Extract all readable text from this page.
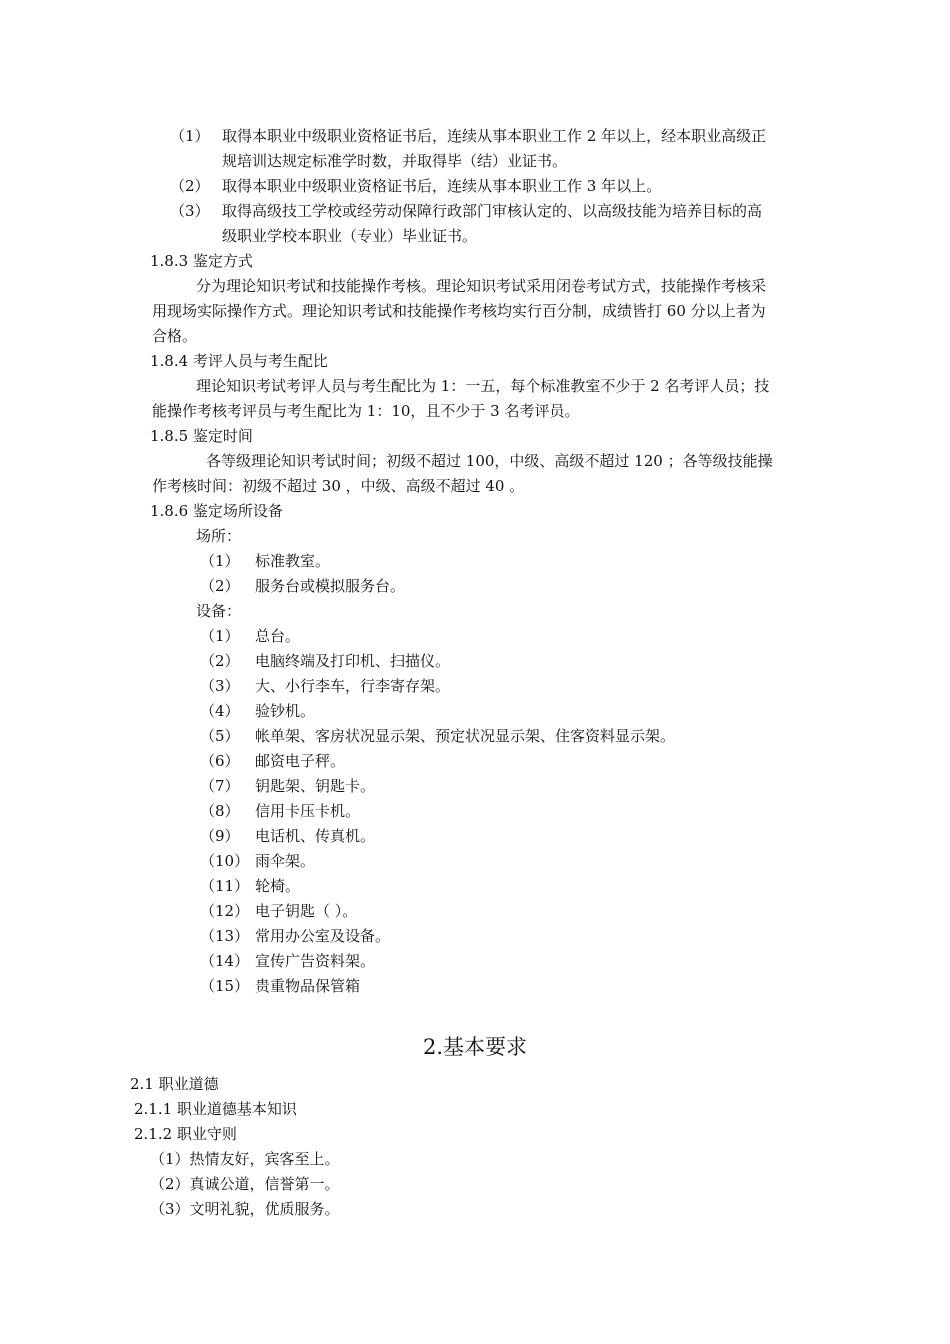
（1） 取得本职业中级职业资格证书后，连续从事本职业工作 2 年以上，经本职业高级正
规培训达规定标准学时数，并取得毕（结）业证书。
（2） 取得本职业中级职业资格证书后，连续从事本职业工作 3 年以上。
（3） 取得高级技工学校或经劳动保障行政部门审核认定的、以高级技能为培养目标的高
级职业学校本职业（专业）毕业证书。
1.8.3 鉴定方式
分为理论知识考试和技能操作考核。理论知识考试采用闭卷考试方式，技能操作考核采
用现场实际操作方式。理论知识考试和技能操作考核均实行百分制，成绩皆打 60 分以上者为
合格。
1.8.4 考评人员与考生配比
理论知识考试考评人员与考生配比为 1：一五，每个标准教室不少于 2 名考评人员；技
能操作考核考评员与考生配比为 1：10，且不少于 3 名考评员。
1.8.5 鉴定时间
各等级理论知识考试时间；初级不超过 100，中级、高级不超过 120 ；各等级技能操
作考核时间：初级不超过 30 ，中级、高级不超过 40 。
1.8.6 鉴定场所设备
场所：
（1） 标准教室。
（2） 服务台或模拟服务台。
设备：
（1） 总台。
（2） 电脑终端及打印机、扫描仪。
（3） 大、小行李车，行李寄存架。
（4） 验钞机。
（5） 帐单架、客房状况显示架、预定状况显示架、住客资料显示架。
（6） 邮资电子秤。
（7） 钥匙架、钥匙卡。
（8） 信用卡压卡机。
（9） 电话机、传真机。
（10） 雨伞架。
（11） 轮椅。
（12） 电子钥匙（ ）。
（13） 常用办公室及设备。
（14） 宣传广告资料架。
（15） 贵重物品保管箱
2.基本要求
2.1 职业道德
2.1.1 职业道德基本知识
2.1.2 职业守则
（1）热情友好，宾客至上。
（2）真诚公道，信誉第一。
（3）文明礼貌，优质服务。
